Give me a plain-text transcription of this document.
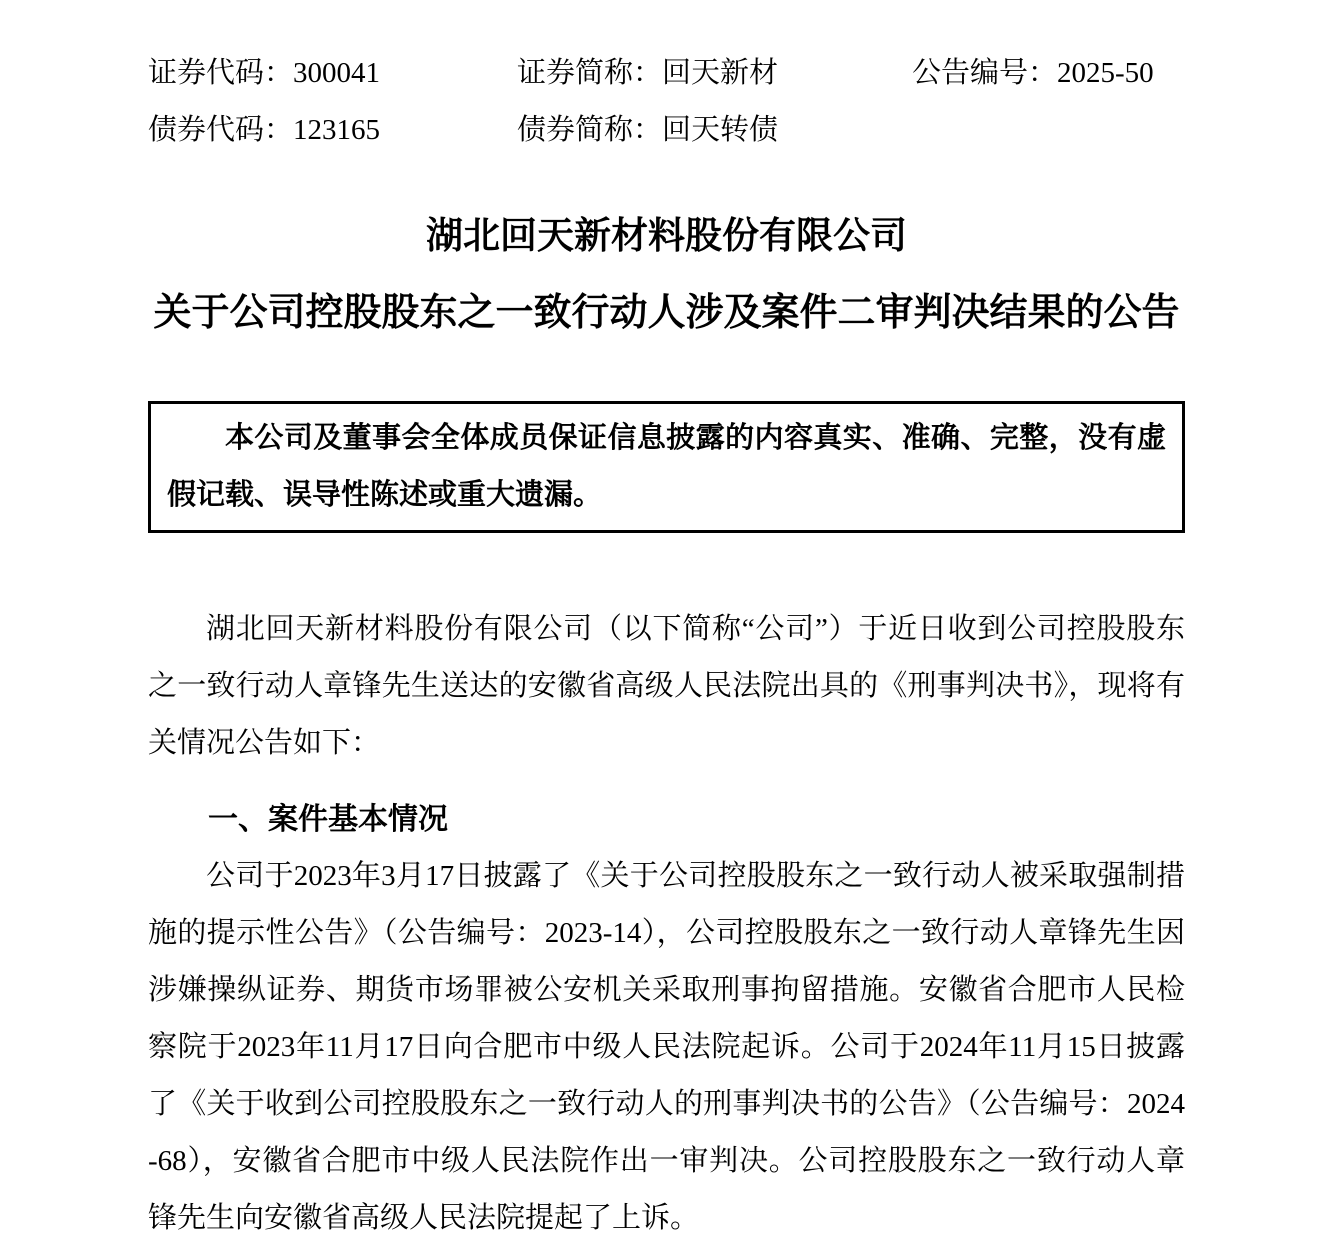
证券代码：300041	证券简称：回天新材	公告编号：2025-50
债券代码：123165	债券简称：回天转债
湖北回天新材料股份有限公司
关于公司控股股东之一致行动人涉及案件二审判决结果的公告

本公司及董事会全体成员保证信息披露的内容真实、准确、完整，没有虚假记载、误导性陈述或重大遗漏。

湖北回天新材料股份有限公司（以下简称“公司”）于近日收到公司控股股东之一致行动人章锋先生送达的安徽省高级人民法院出具的《刑事判决书》，现将有关情况公告如下：

一、案件基本情况

公司于2023年3月17日披露了《关于公司控股股东之一致行动人被采取强制措施的提示性公告》（公告编号：2023-14），公司控股股东之一致行动人章锋先生因涉嫌操纵证券、期货市场罪被公安机关采取刑事拘留措施。安徽省合肥市人民检察院于2023年11月17日向合肥市中级人民法院起诉。公司于2024年11月15日披露了《关于收到公司控股股东之一致行动人的刑事判决书的公告》（公告编号：2024-68），安徽省合肥市中级人民法院作出一审判决。公司控股股东之一致行动人章锋先生向安徽省高级人民法院提起了上诉。
